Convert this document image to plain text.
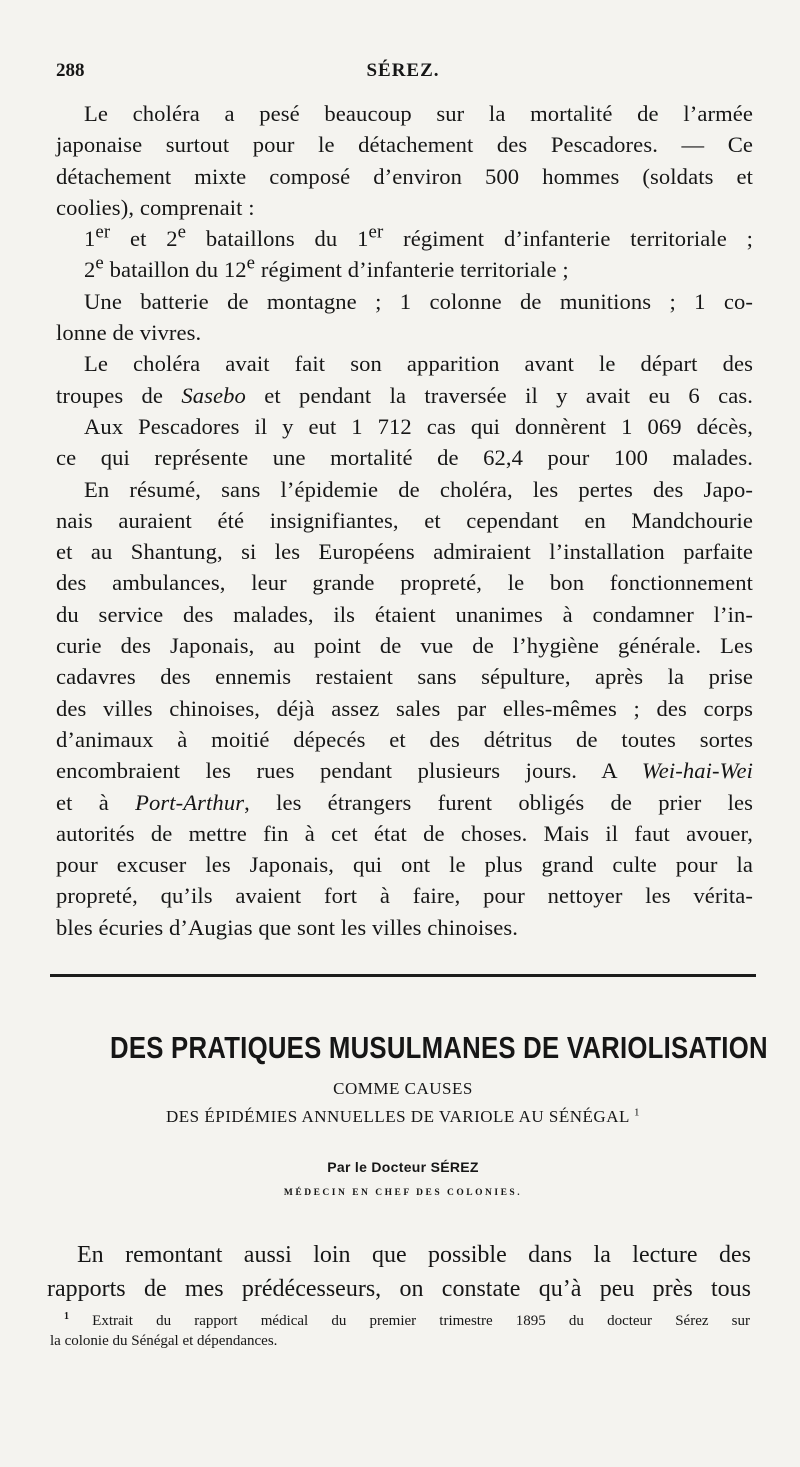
288	SÉREZ.

Le choléra a pesé beaucoup sur la mortalité de l’armée

japonaise surtout pour le détachement des Pescadores. — Ce

détachement mixte composé d’environ 500 hommes (soldats et

coolies), comprenait :

1er et 2e bataillons du 1er régiment d’infanterie territoriale ;

2e bataillon du 12e régiment d’infanterie territoriale ;

Une batterie de montagne ; 1 colonne de munitions ; 1 co-

lonne de vivres.

Le choléra avait fait son apparition avant le départ des

troupes de Sasebo et pendant la traversée il y avait eu 6 cas.

Aux Pescadores il y eut 1 712 cas qui donnèrent 1 069 décès,

ce qui représente une mortalité de 62,4 pour 100 malades.

En résumé, sans l’épidemie de choléra, les pertes des Japo-

nais auraient été insignifiantes, et cependant en Mandchourie

et au Shantung, si les Européens admiraient l’installation parfaite

des ambulances, leur grande propreté, le bon fonctionnement

du service des malades, ils étaient unanimes à condamner l’in-

curie des Japonais, au point de vue de l’hygiène générale. Les

cadavres des ennemis restaient sans sépulture, après la prise

des villes chinoises, déjà assez sales par elles-mêmes ; des corps

d’animaux à moitié dépecés et des détritus de toutes sortes

encombraient les rues pendant plusieurs jours. A Wei-hai-Wei

et à Port-Arthur, les étrangers furent obligés de prier les

autorités de mettre fin à cet état de choses. Mais il faut avouer,

pour excuser les Japonais, qui ont le plus grand culte pour la

propreté, qu’ils avaient fort à faire, pour nettoyer les vérita-

bles écuries d’Augias que sont les villes chinoises.

DES PRATIQUES MUSULMANES DE VARIOLISATION
COMME CAUSES
DES ÉPIDÉMIES ANNUELLES DE VARIOLE AU SÉNÉGAL $^1$
Par le Docteur SÉREZ
MÉDECIN EN CHEF DES COLONIES.

En remontant aussi loin que possible dans la lecture des

rapports de mes prédécesseurs, on constate qu’à peu près tous

$^1$ Extrait du rapport médical du premier trimestre 1895 du docteur Sérez sur

la colonie du Sénégal et dépendances.
